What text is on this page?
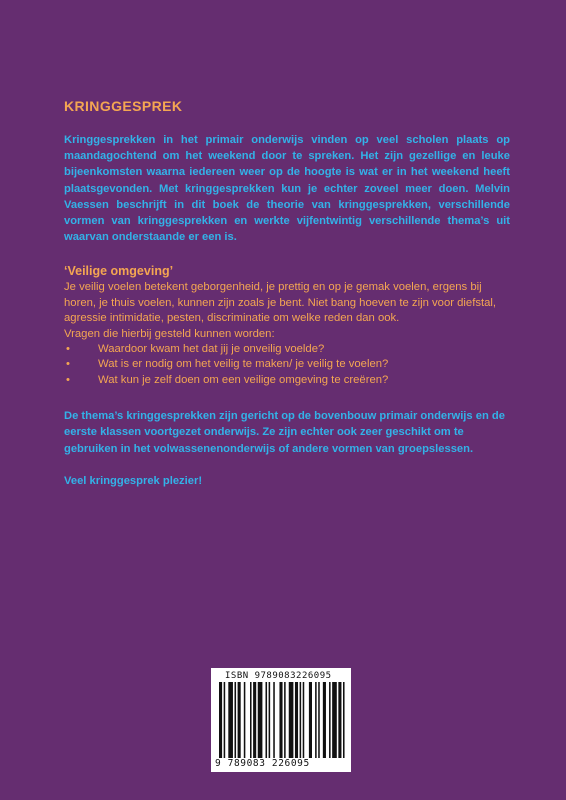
KRINGGESPREK

Kringgesprekken in het primair onderwijs vinden op veel scholen plaats op maandagochtend om het weekend door te spreken. Het zijn gezellige en leuke bijeenkomsten waarna iedereen weer op de hoogte is wat er in het weekend heeft plaatsgevonden. Met kringgesprekken kun je echter zoveel meer doen. Melvin Vaessen beschrijft in dit boek de theorie van kringgesprekken, verschillende vormen van kringgesprekken en werkte vijfentwintig verschillende thema’s uit waarvan onderstaande er een is.

‘Veilige omgeving’

Je veilig voelen betekent geborgenheid, je prettig en op je gemak voelen, ergens bij horen, je thuis voelen, kunnen zijn zoals je bent. Niet bang hoeven te zijn voor diefstal, agressie intimidatie, pesten, discriminatie om welke reden dan ook.

Vragen die hierbij gesteld kunnen worden:

• Waardoor kwam het dat jij je onveilig voelde?
• Wat is er nodig om het veilig te maken/ je veilig te voelen?
• Wat kun je zelf doen om een veilige omgeving te creëren?

De thema’s kringgesprekken zijn gericht op de bovenbouw primair onderwijs en de eerste klassen voortgezet onderwijs. Ze zijn echter ook zeer geschikt om te gebruiken in het volwassenenonderwijs of andere vormen van groepslessen.

Veel kringgesprek plezier!

ISBN 9789083226095
9 789083 226095
